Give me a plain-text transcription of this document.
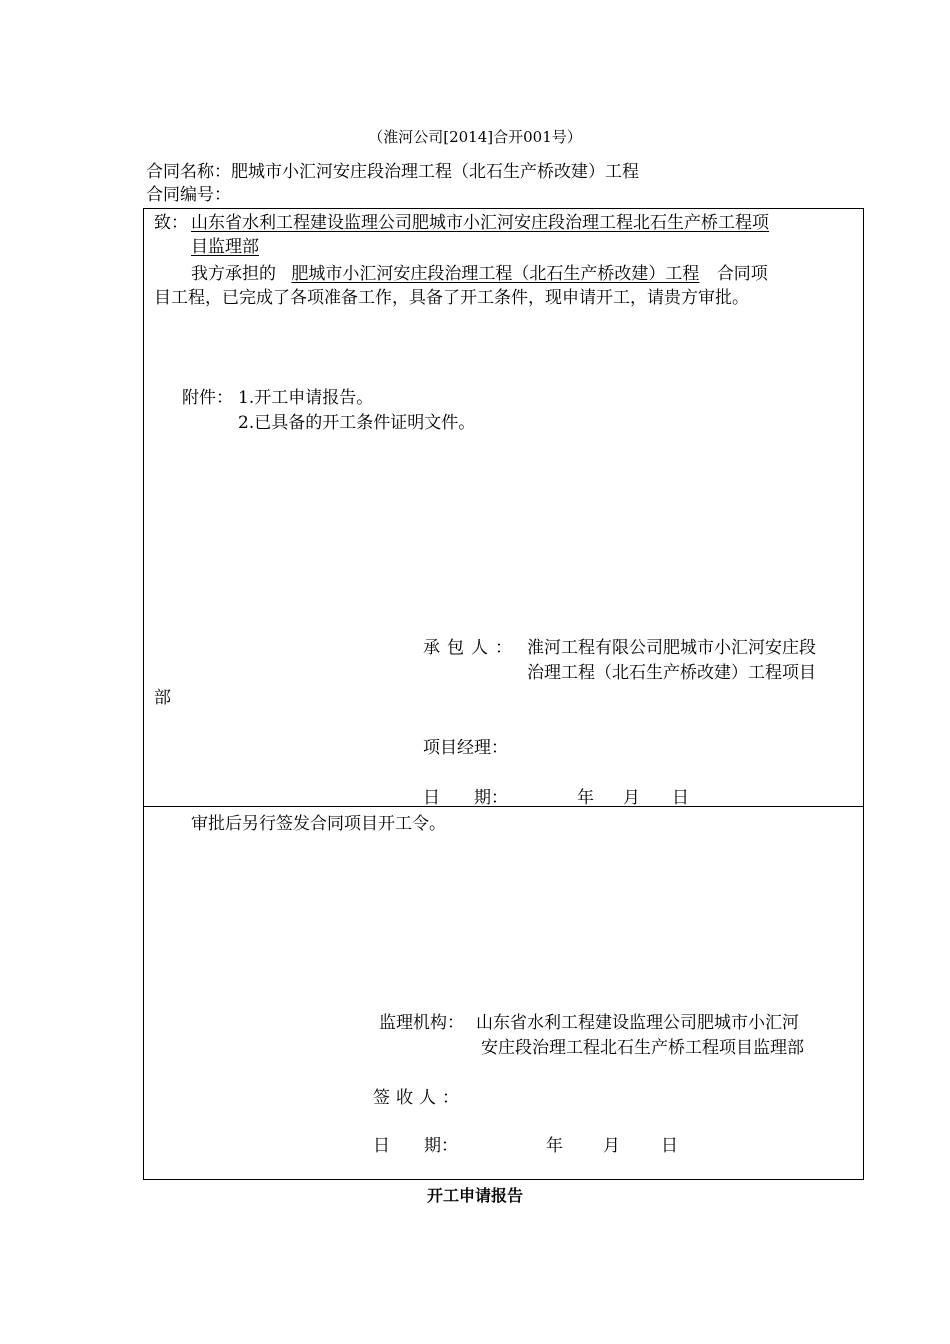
（淮河公司[2014]合开001号）
合同名称：肥城市小汇河安庄段治理工程（北石生产桥改建）工程
合同编号：
致： 山东省水利工程建设监理公司肥城市小汇河安庄段治理工程北石生产桥工程项
目监理部
我方承担的 肥城市小汇河安庄段治理工程（北石生产桥改建）工程 合同项
目工程，已完成了各项准备工作，具备了开工条件，现申请开工，请贵方审批。
附件： 1.开工申请报告。
2.已具备的开工条件证明文件。
承包人： 淮河工程有限公司肥城市小汇河安庄段
治理工程（北石生产桥改建）工程项目
部
项目经理：
日　　期：	年 月 日
审批后另行签发合同项目开工令。
监理机构： 山东省水利工程建设监理公司肥城市小汇河
安庄段治理工程北石生产桥工程项目监理部
签收人：
日　　期：	年 月 日
开工申请报告
